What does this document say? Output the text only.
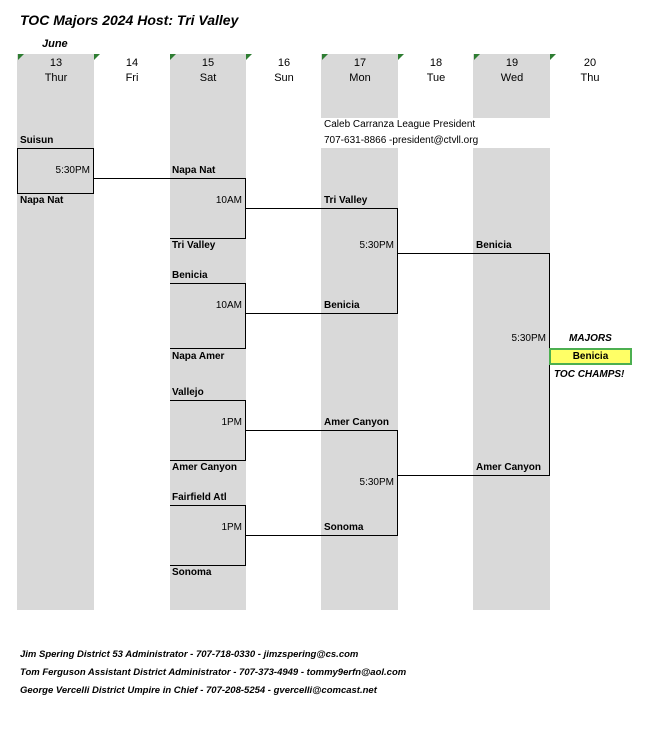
TOC Majors 2024 Host: Tri Valley
June
13
Thur
14
Fri
15
Sat
16
Sun
17
Mon
18
Tue
19
Wed
20
Thu
Caleb Carranza League President
707-631-8866 -president@ctvll.org
Suisun
5:30PM
Napa Nat
Napa Nat
10AM
Tri Valley
Benicia
10AM
Napa Amer
Vallejo
1PM
Amer Canyon
Fairfield Atl
1PM
Sonoma
Tri Valley
5:30PM
Benicia
Amer Canyon
5:30PM
Sonoma
Benicia
5:30PM
Amer Canyon
MAJORS
Benicia
TOC CHAMPS!
Jim Spering District 53 Administrator - 707-718-0330 - jimzspering@cs.com
Tom Ferguson Assistant District Administrator - 707-373-4949 - tommy9erfn@aol.com
George Vercelli District Umpire in Chief - 707-208-5254 - gvercelli@comcast.net
